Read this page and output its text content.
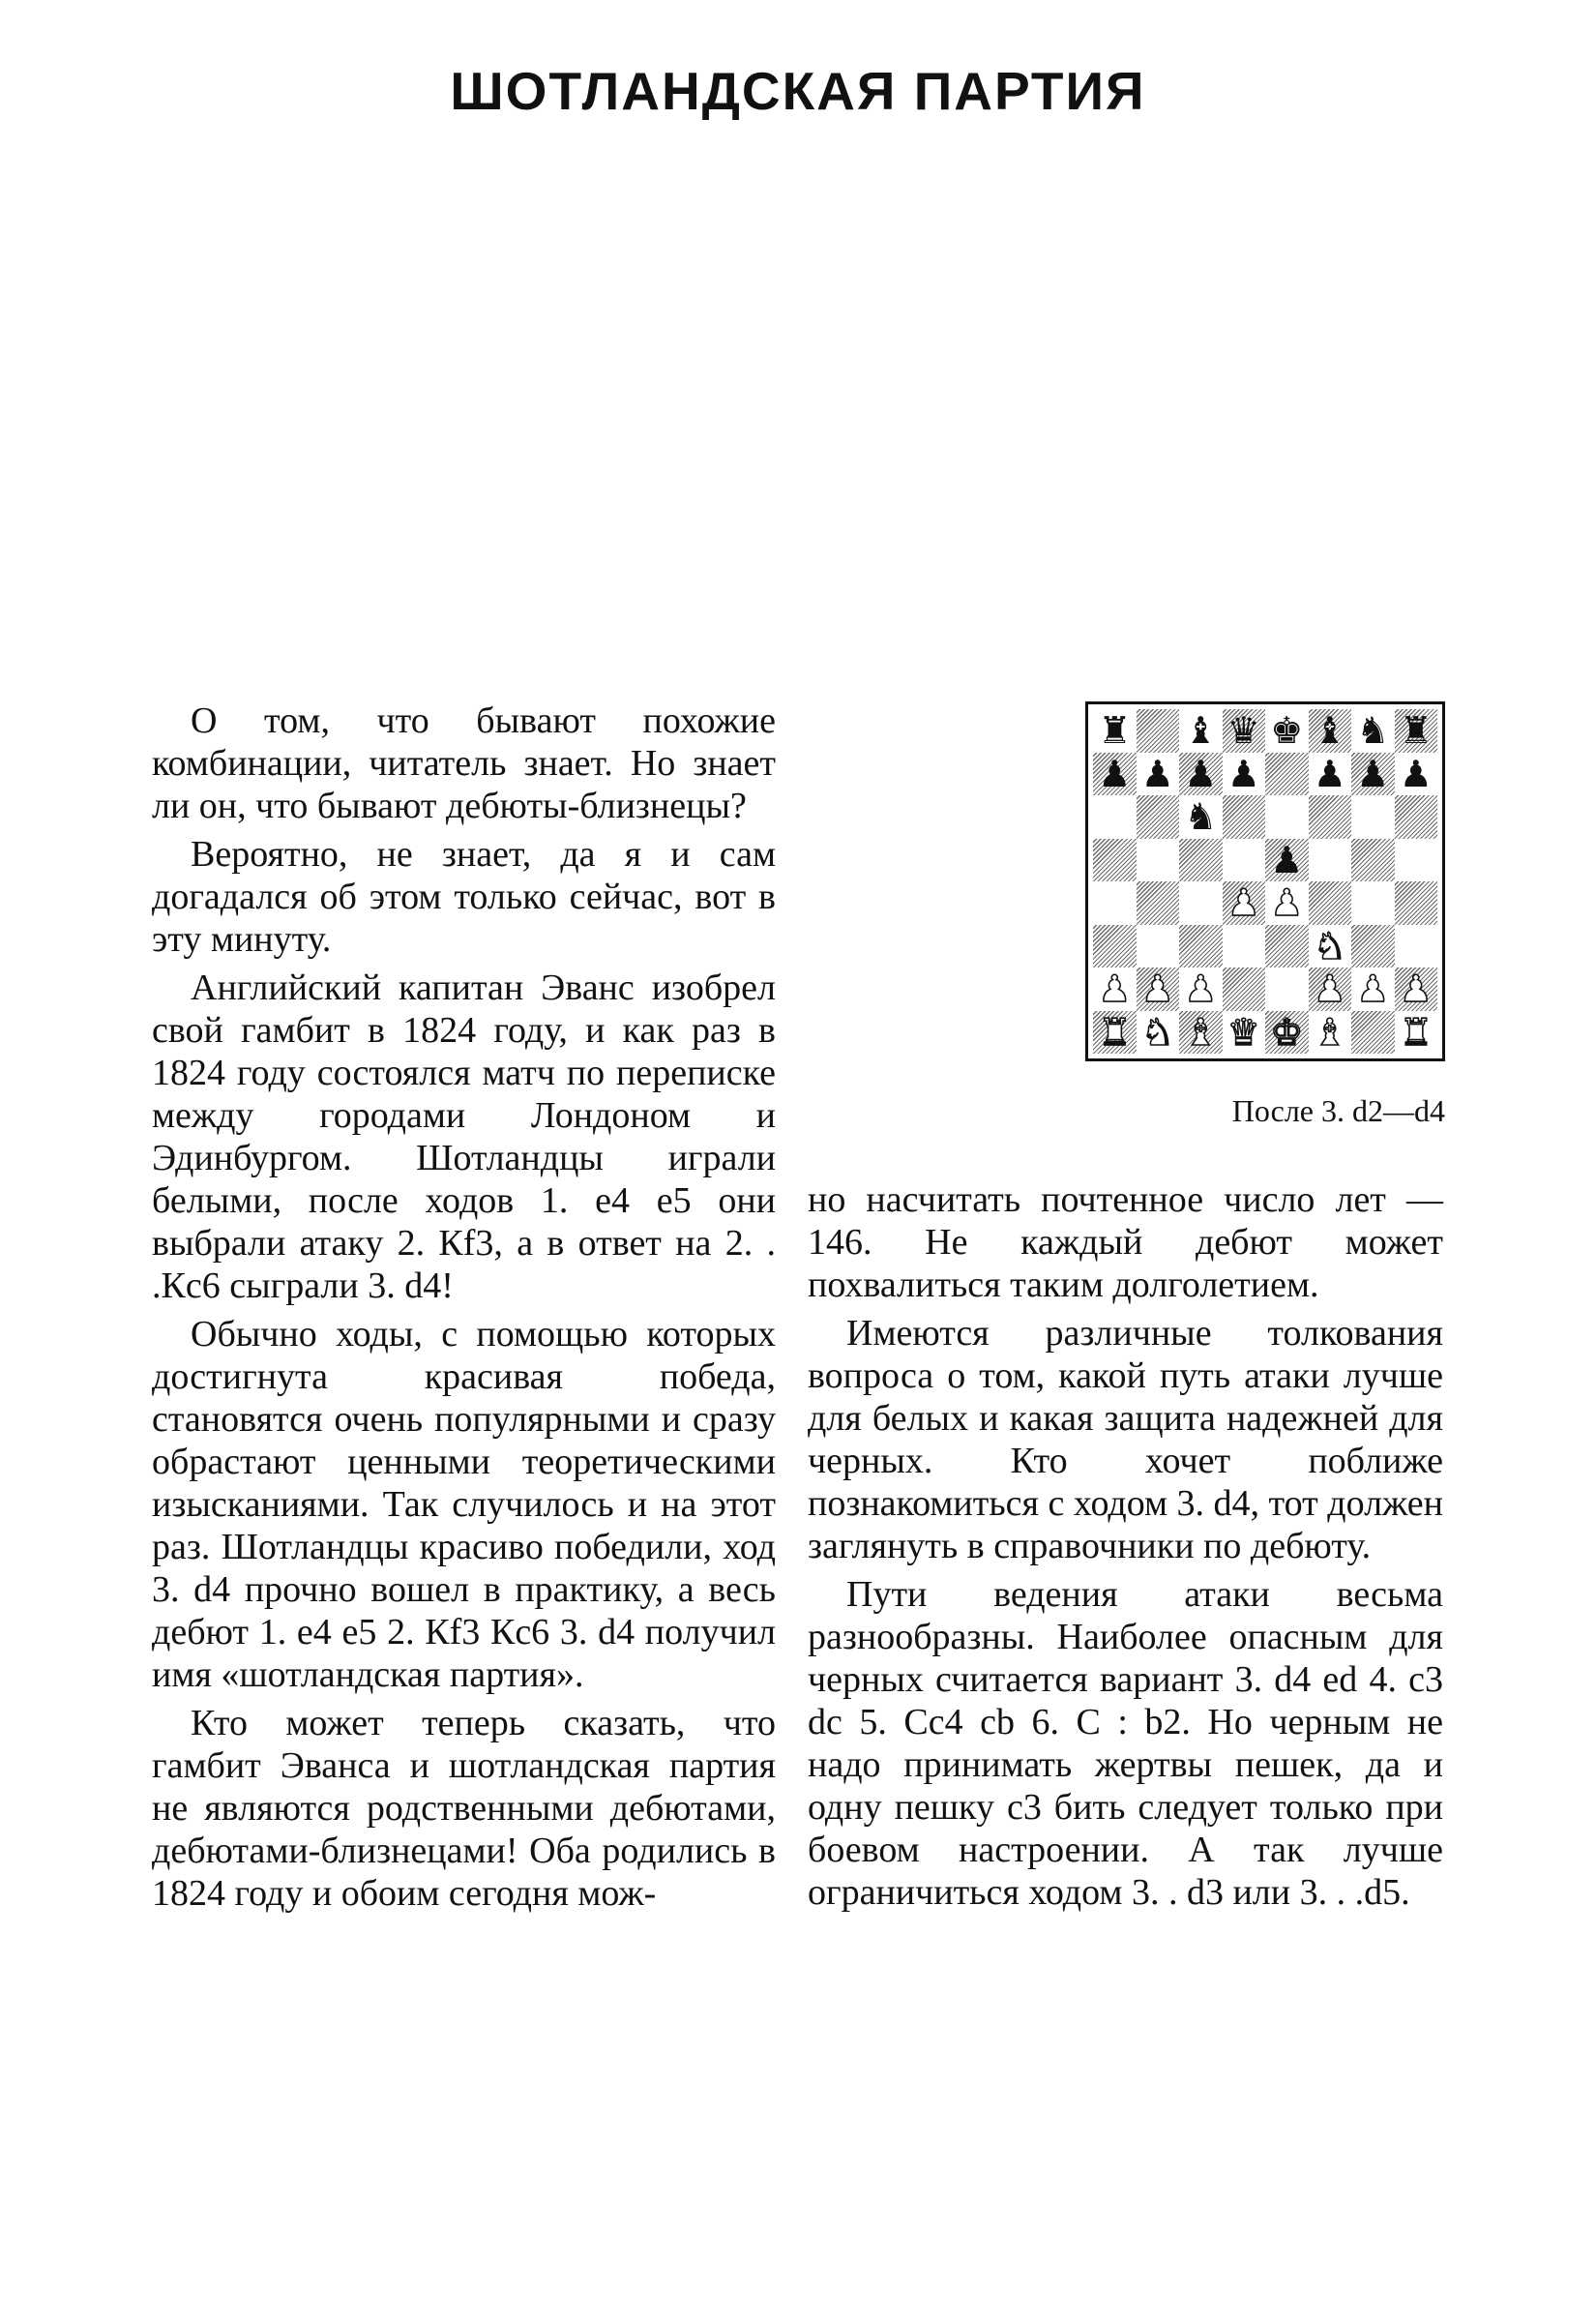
ШОТЛАНДСКАЯ ПАРТИЯ

О том, что бывают похожие комбинации, читатель знает. Но знает ли он, что бывают дебюты-близнецы?

Вероятно, не знает, да я и сам догадался об этом только сейчас, вот в эту минуту.

Английский капитан Эванс изобрел свой гамбит в 1824 году, и как раз в 1824 году состоялся матч по переписке между городами Лондоном и Эдинбургом. Шотландцы играли белыми, после ходов 1. e4 e5 они выбрали атаку 2. Кf3, а в ответ на 2. . .Кc6 сыграли 3. d4!

Обычно ходы, с помощью которых достигнута красивая победа, становятся очень популярными и сразу обрастают ценными теоретическими изысканиями. Так случилось и на этот раз. Шотландцы красиво победили, ход 3. d4 прочно вошел в практику, а весь дебют 1. e4 e5 2. Кf3 Кc6 3. d4 получил имя «шотландская партия».

Кто может теперь сказать, что гамбит Эванса и шотландская партия не являются родственными дебютами, дебютами-близнецами! Оба родились в 1824 году и обоим сегодня мож-

♜ ♝ ♛ ♚ ♝ ♞ ♜
♟ ♟ ♟ ♟ ♟ ♟ ♟
♞
♟
♟ ♟
♞
♟ ♟ ♟	♟ ♟ ♟
♜ ♞ ♝ ♛ ♚ ♝ ♜
После 3. d2—d4

но насчитать почтенное число лет — 146. Не каждый дебют может похвалиться таким долголетием.

Имеются различные толкования вопроса о том, какой путь атаки лучше для белых и какая защита надежней для черных. Кто хочет поближе познакомиться с ходом 3. d4, тот должен заглянуть в справочники по дебюту.

Пути ведения атаки весьма разнообразны. Наиболее опасным для черных считается вариант 3. d4 ed 4. c3 dc 5. Сc4 cb 6. С : b2. Но черным не надо принимать жертвы пешек, да и одну пешку c3 бить следует только при боевом настроении. А так лучше ограничиться ходом 3. . d3 или 3. . .d5.
